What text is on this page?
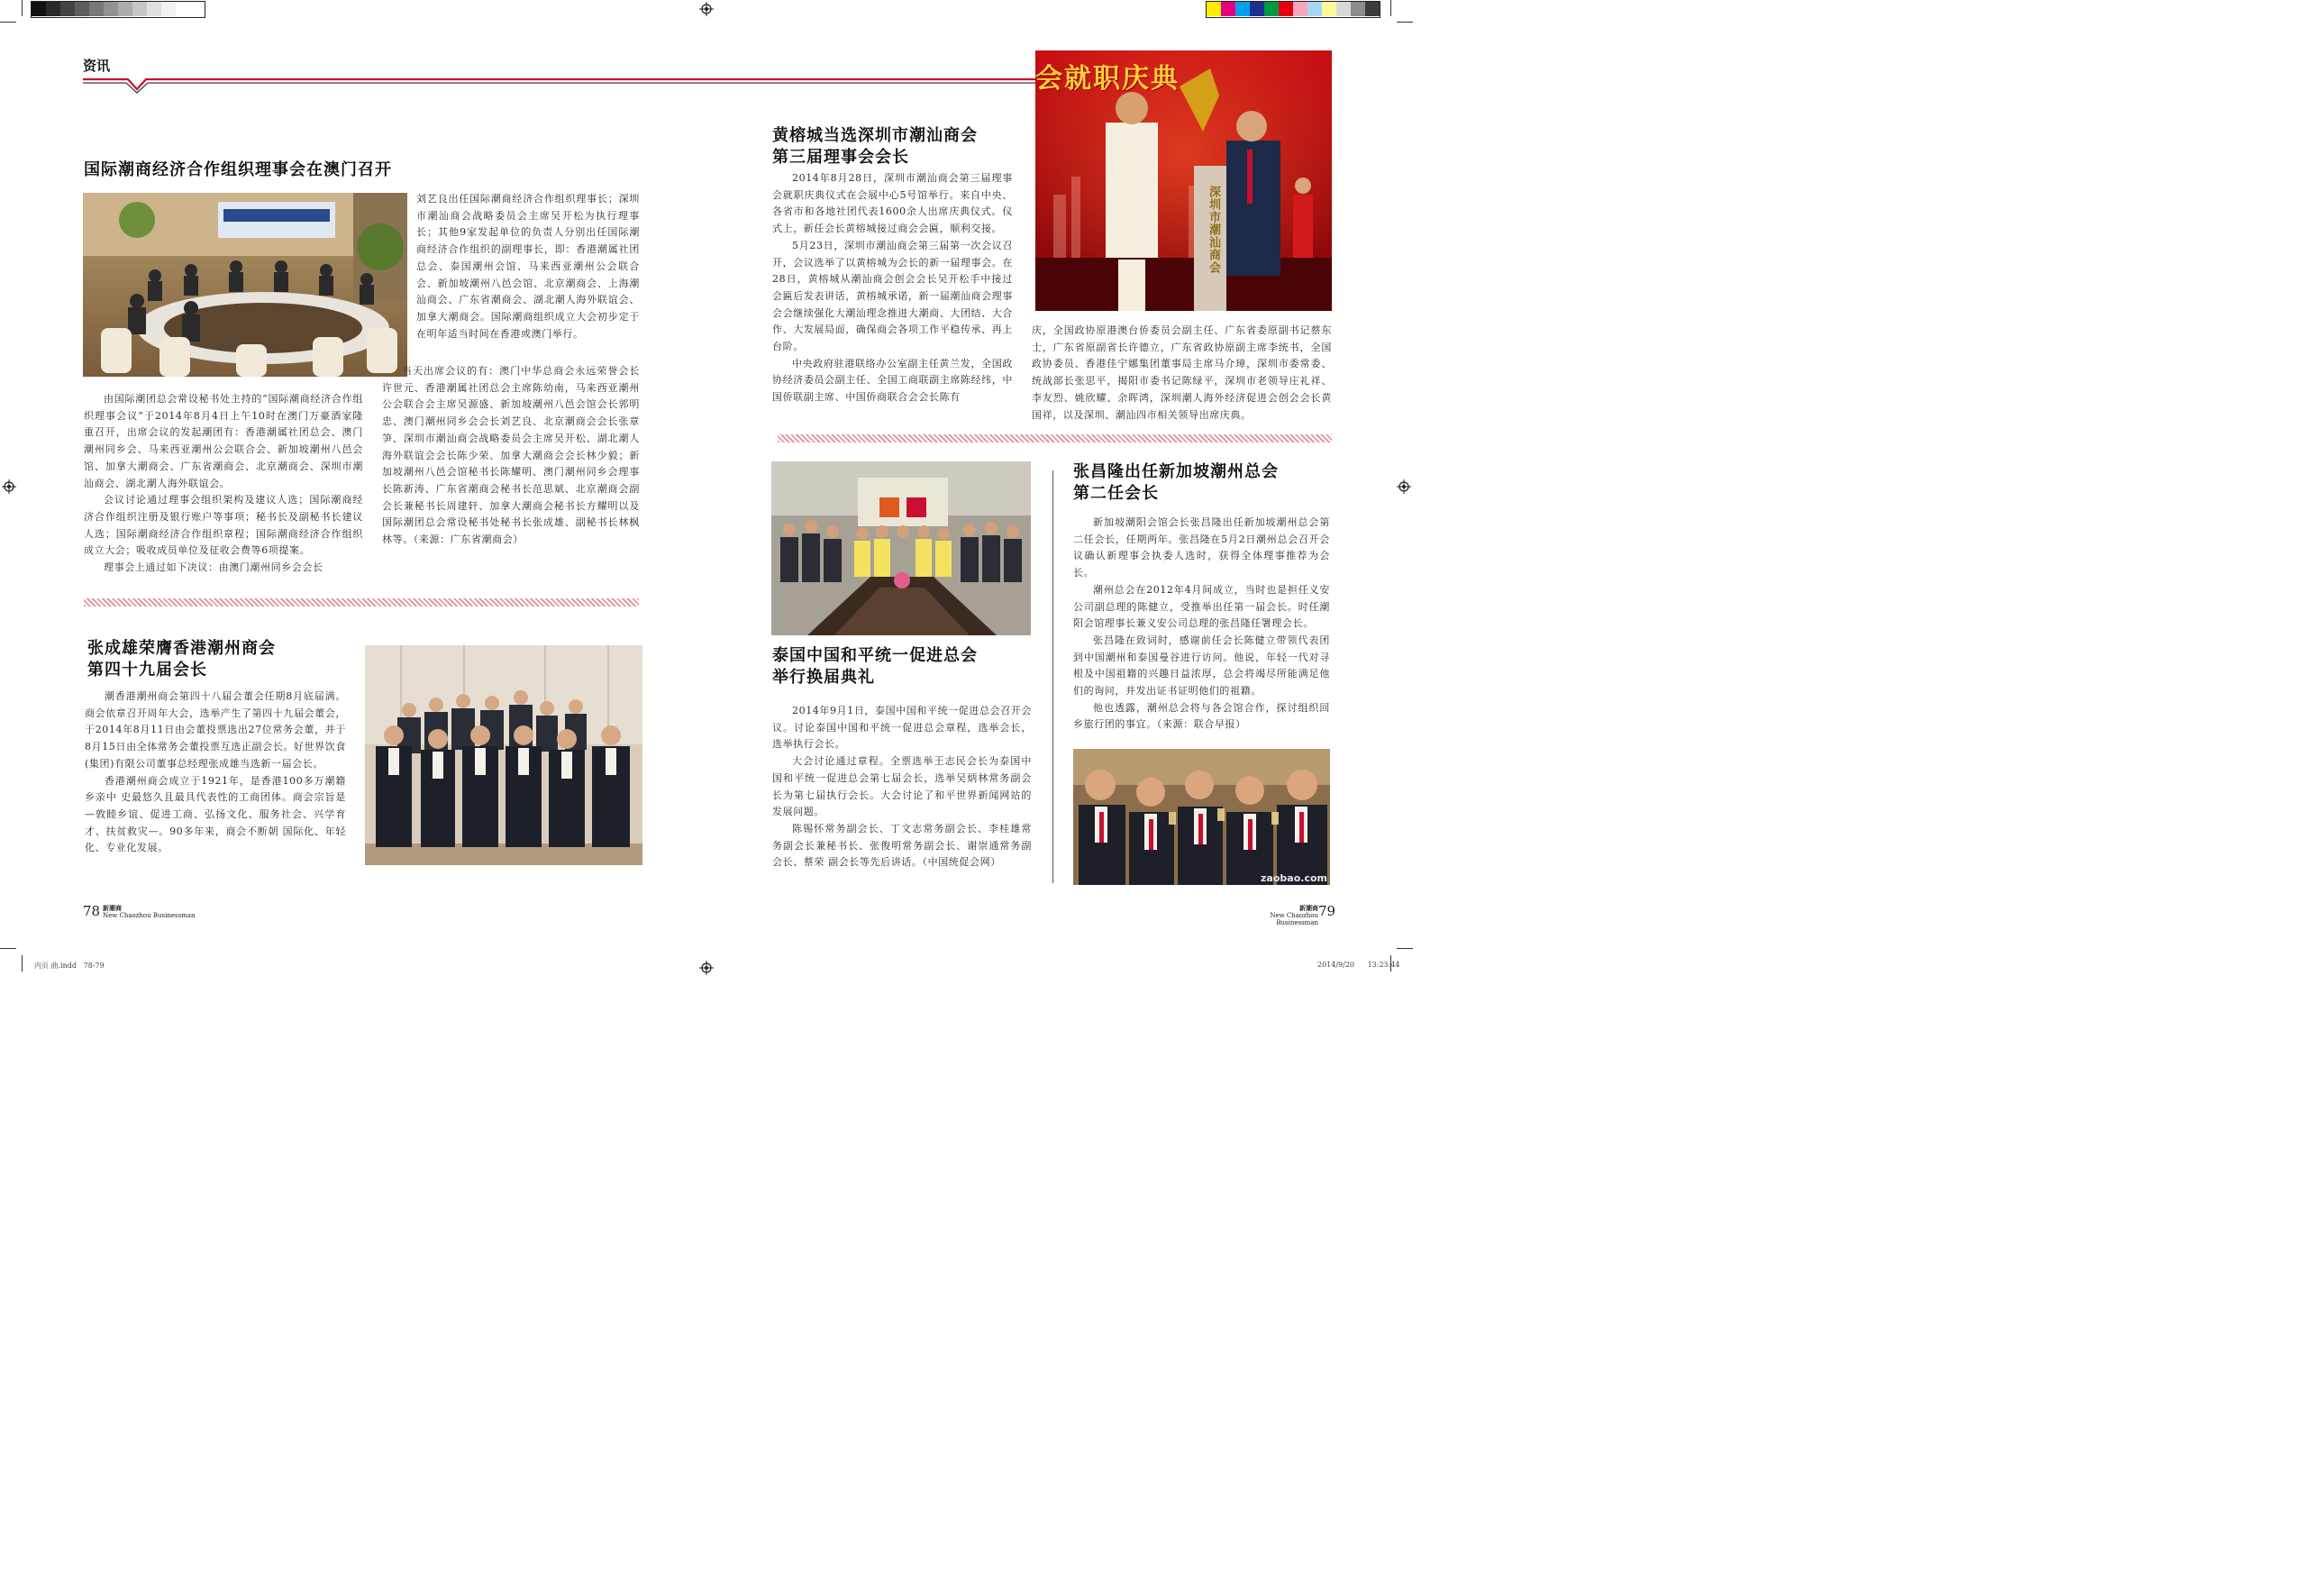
资讯
国际潮商经济合作组织理事会在澳门召开

由国际潮团总会常设秘书处主持的“国际潮商经济合作组织理事会议”于2014年8月4日上午10时在澳门万豪酒家隆重召开，出席会议的发起潮团有：香港潮属社团总会、澳门潮州同乡会、马来西亚潮州公会联合会、新加坡潮州八邑会馆、加拿大潮商会、广东省潮商会、北京潮商会、深圳市潮汕商会、湖北潮人海外联谊会。

会议讨论通过理事会组织架构及建议人选；国际潮商经济合作组织注册及银行账户等事项；秘书长及副秘书长建议人选；国际潮商经济合作组织章程；国际潮商经济合作组织成立大会；吸收成员单位及征收会费等6项提案。

理事会上通过如下决议：由澳门潮州同乡会会长

刘艺良出任国际潮商经济合作组织理事长；深圳市潮汕商会战略委员会主席吴开松为执行理事长；其他9家发起单位的负责人分别出任国际潮商经济合作组织的副理事长，即：香港潮属社团总会、泰国潮州会馆、马来西亚潮州公会联合会、新加坡潮州八邑会馆、北京潮商会、上海潮汕商会、广东省潮商会、湖北潮人海外联谊会、加拿大潮商会。国际潮商组织成立大会初步定于在明年适当时间在香港或澳门举行。

当天出席会议的有：澳门中华总商会永远荣誉会长许世元、香港潮属社团总会主席陈幼南，马来西亚潮州公会联合会主席吴源盛、新加坡潮州八邑会馆会长郭明忠、澳门潮州同乡会会长刘艺良、北京潮商会会长张章笋、深圳市潮汕商会战略委员会主席吴开松、湖北潮人海外联谊会会长陈少荣、加拿大潮商会会长林少毅；新加坡潮州八邑会馆秘书长陈耀明、澳门潮州同乡会理事长陈新涛、广东省潮商会秘书长范思斌、北京潮商会副会长兼秘书长周建轩、加拿大潮商会秘书长方耀明以及国际潮团总会常设秘书处秘书长张成雄、副秘书长林枫林等。（来源：广东省潮商会）

黄榕城当选深圳市潮汕商会
第三届理事会会长
会就职庆典
深圳市潮汕商会

2014年8月28日，深圳市潮汕商会第三届理事会就职庆典仪式在会展中心5号馆举行。来自中央、各省市和各地社团代表1600余人出席庆典仪式。仪式上，新任会长黄榕城接过商会会匾，顺利交接。

5月23日，深圳市潮汕商会第三届第一次会议召开，会议选举了以黄榕城为会长的新一届理事会。在28日，黄榕城从潮汕商会创会会长吴开松手中接过会匾后发表讲话，黄榕城承诺，新一届潮汕商会理事会会继续强化大潮汕理念推进大潮商、大团结、大合作、大发展局面，确保商会各项工作平稳传承、再上台阶。

中央政府驻港联络办公室副主任黄兰发，全国政协经济委员会副主任、全国工商联副主席陈经纬，中国侨联副主席、中国侨商联合会会长陈有

庆，全国政协原港澳台侨委员会副主任、广东省委原副书记蔡东士，广东省原副省长许德立，广东省政协原副主席李统书，全国政协委员、香港佳宁娜集团董事局主席马介璋，深圳市委常委、统战部长张思平，揭阳市委书记陈绿平，深圳市老领导庄礼祥、李友烈、姚欣耀、余晖鸿，深圳潮人海外经济促进会创会会长黄国祥，以及深圳、潮汕四市相关领导出席庆典。

张成雄荣膺香港潮州商会
第四十九届会长

潮香港潮州商会第四十八届会董会任期8月底届满。商会依章召开周年大会，选举产生了第四十九届会董会，于2014年8月11日由会董投票选出27位常务会董，并于8月15日由全体常务会董投票互选正副会长。好世界饮食(集团)有限公司董事总经理张成雄当选新一届会长。

香港潮州商会成立于1921年，是香港100多万潮籍乡亲中 史最悠久且最具代表性的工商团体。商会宗旨是—敦睦乡谊、促进工商、弘扬文化、服务社会、兴学育才、扶贫救灾—。90多年来，商会不断朝 国际化、年轻化、专业化发展。

泰国中国和平统一促进总会
举行换届典礼

2014年9月1日，泰国中国和平统一促进总会召开会议。讨论泰国中国和平统一促进总会章程，选举会长，选举执行会长。

大会讨论通过章程。全票选举王志民会长为泰国中国和平统一促进总会第七届会长，选举吴炳林常务副会长为第七届执行会长。大会讨论了和平世界新闻网站的发展问题。

陈锡怀常务副会长、丁文志常务副会长、李桂雄常务副会长兼秘书长、张俊明常务副会长、谢崇通常务副会长、蔡荣 副会长等先后讲话。（中国统促会网）

张昌隆出任新加坡潮州总会
第二任会长

新加坡潮阳会馆会长张昌隆出任新加坡潮州总会第二任会长，任期两年。张昌隆在5月2日潮州总会召开会议确认新理事会执委人选时，获得全体理事推荐为会长。

潮州总会在2012年4月间成立，当时也是担任义安公司副总理的陈健立，受推举出任第一届会长。时任潮阳会馆理事长兼义安公司总理的张昌隆任署理会长。

张昌隆在致词时，感谢前任会长陈健立带领代表团到中国潮州和泰国曼谷进行访问。他说，年轻一代对寻根及中国祖籍的兴趣日益浓厚，总会将竭尽所能满足他们的询问，并发出证书证明他们的祖籍。

他也透露，潮州总会将与各会馆合作，探讨组织回乡旅行团的事宜。（来源：联合早报）

zaobao.com
78 新潮商
New Chaozhou Businessman
新潮商
New Chaozhou Businessman
79
内页 曲.indd   78-79	2014/9/20 13:23:44
